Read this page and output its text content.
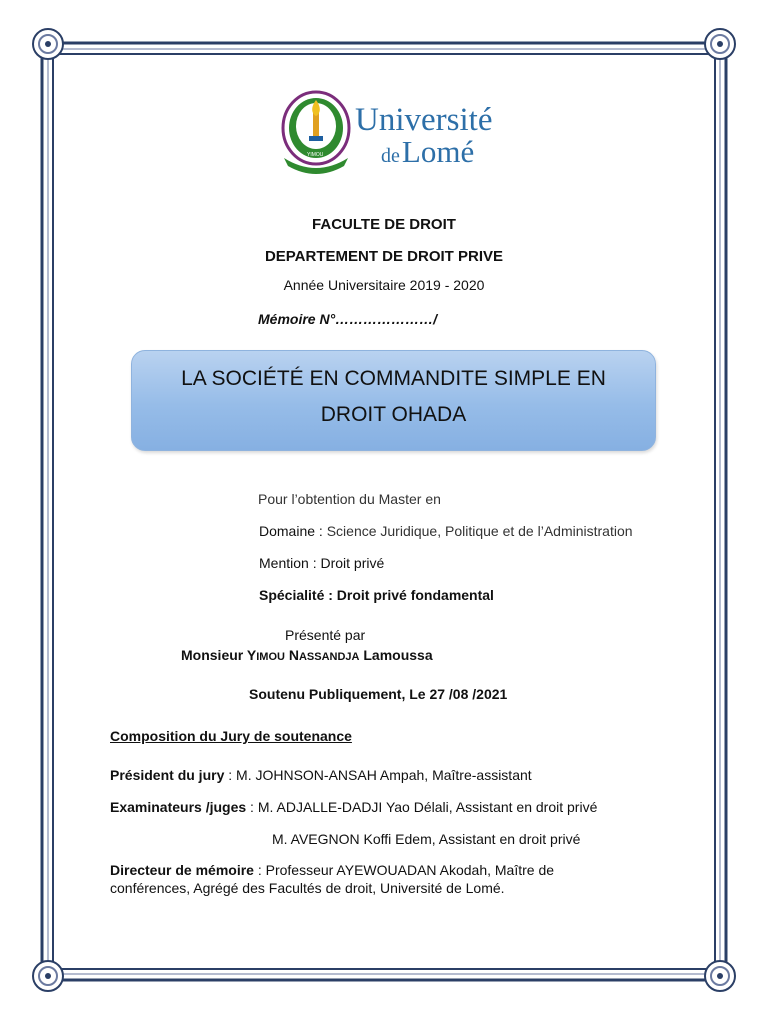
YIMOU
Université
deLomé
FACULTE DE DROIT
DEPARTEMENT DE DROIT PRIVE
Année Universitaire 2019 - 2020
Mémoire N°…………………/
LA SOCIÉTÉ EN COMMANDITE SIMPLE EN
DROIT OHADA
Pour l’obtention du Master en
Domaine : Science Juridique, Politique et de l’Administration
Mention : Droit privé
Spécialité : Droit privé fondamental
Présenté par
Monsieur YIMOU NASSANDJA Lamoussa
Soutenu Publiquement, Le 27 /08 /2021
Composition du Jury de soutenance
Président du jury : M. JOHNSON-ANSAH Ampah, Maître-assistant
Examinateurs /juges : M. ADJALLE-DADJI Yao Délali, Assistant en droit privé
M. AVEGNON Koffi Edem, Assistant en droit privé
Directeur de mémoire : Professeur AYEWOUADAN Akodah, Maître de
conférences, Agrégé des Facultés de droit, Université de Lomé.
